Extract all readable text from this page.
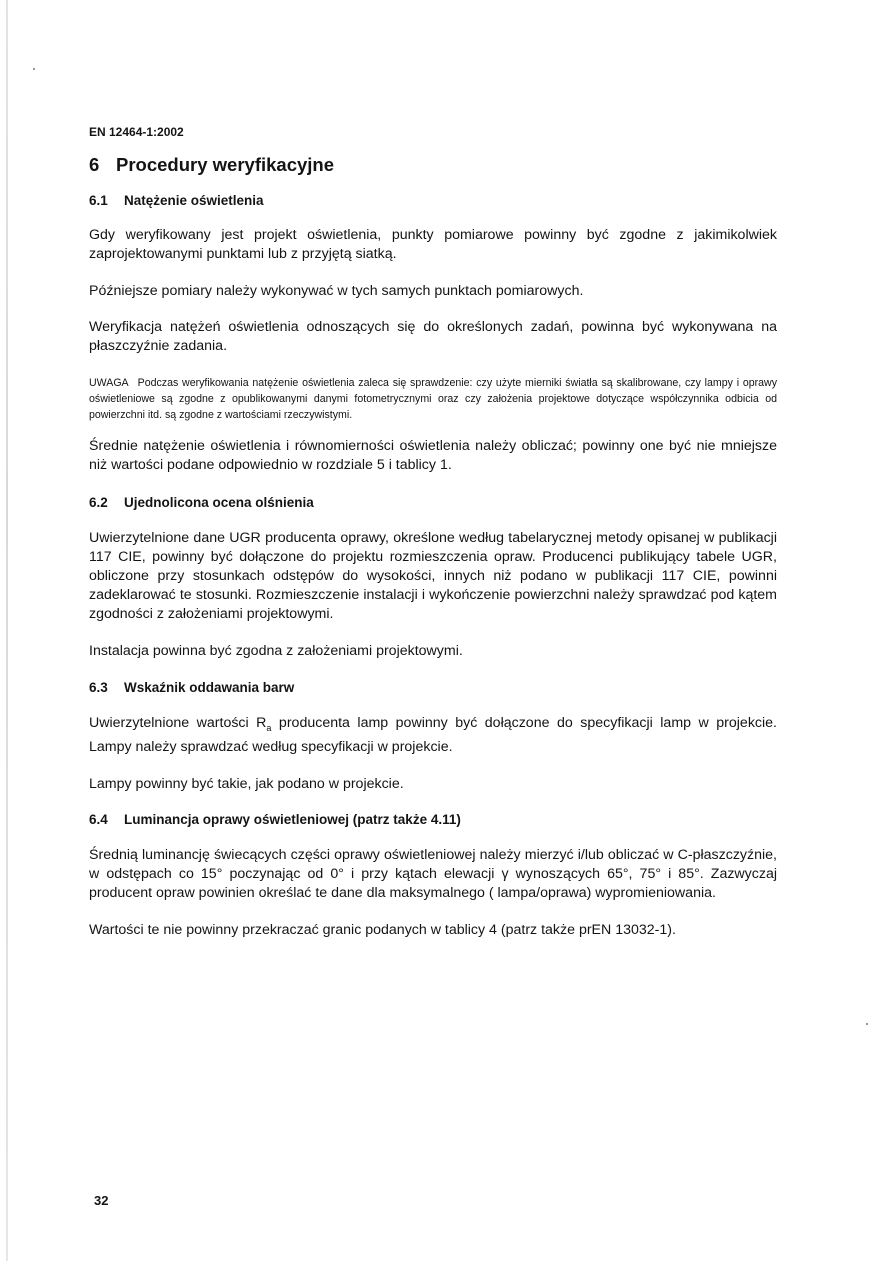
EN 12464-1:2002
6 Procedury weryfikacyjne
6.1 Natężenie oświetlenia

Gdy weryfikowany jest projekt oświetlenia, punkty pomiarowe powinny być zgodne z jakimikolwiek zaprojektowanymi punktami lub z przyjętą siatką.

Późniejsze pomiary należy wykonywać w tych samych punktach pomiarowych.

Weryfikacja natężeń oświetlenia odnoszących się do określonych zadań, powinna być wykonywana na płaszczyźnie zadania.

UWAGA Podczas weryfikowania natężenie oświetlenia zaleca się sprawdzenie: czy użyte mierniki światła są skalibrowane, czy lampy i oprawy oświetleniowe są zgodne z opublikowanymi danymi fotometrycznymi oraz czy założenia projektowe dotyczące współczynnika odbicia od powierzchni itd. są zgodne z wartościami rzeczywistymi.

Średnie natężenie oświetlenia i równomierności oświetlenia należy obliczać; powinny one być nie mniejsze niż wartości podane odpowiednio w rozdziale 5 i tablicy 1.

6.2 Ujednolicona ocena olśnienia

Uwierzytelnione dane UGR producenta oprawy, określone według tabelarycznej metody opisanej w publikacji 117 CIE, powinny być dołączone do projektu rozmieszczenia opraw. Producenci publikujący tabele UGR, obliczone przy stosunkach odstępów do wysokości, innych niż podano w publikacji 117 CIE, powinni zadeklarować te stosunki. Rozmieszczenie instalacji i wykończenie powierzchni należy sprawdzać pod kątem zgodności z założeniami projektowymi.

Instalacja powinna być zgodna z założeniami projektowymi.

6.3 Wskaźnik oddawania barw

Uwierzytelnione wartości $R_a$ producenta lamp powinny być dołączone do specyfikacji lamp w projekcie. Lampy należy sprawdzać według specyfikacji w projekcie.

Lampy powinny być takie, jak podano w projekcie.

6.4 Luminancja oprawy oświetleniowej (patrz także 4.11)

Średnią luminancję świecących części oprawy oświetleniowej należy mierzyć i/lub obliczać w C-płaszczyźnie, w odstępach co 15° poczynając od 0° i przy kątach elewacji γ wynoszących 65°, 75° i 85°. Zazwyczaj producent opraw powinien określać te dane dla maksymalnego ( lampa/oprawa) wypromieniowania.

Wartości te nie powinny przekraczać granic podanych w tablicy 4 (patrz także prEN 13032-1).

32
